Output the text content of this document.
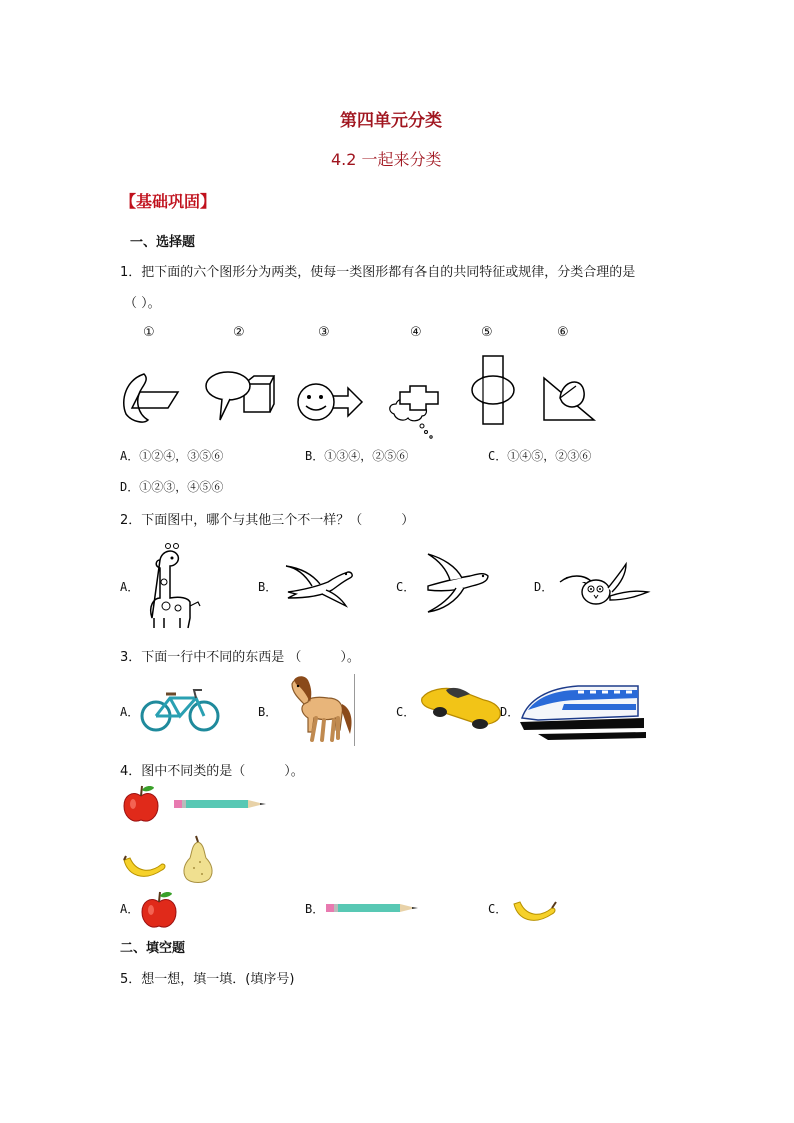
第四单元分类
4.2 一起来分类
【基础巩固】
一、选择题
1．把下面的六个图形分为两类，使每一类图形都有各自的共同特征或规律，分类合理的是
（ ）。
①	②	③	④	⑤	⑥
A．①②④，③⑤⑥	B．①③④，②⑤⑥	C．①④⑤，②③⑥
D．①②③，④⑤⑥
2．下面图中，哪个与其他三个不一样？（　　　）
A．	B．	C．	D．
3．下面一行中不同的东西是 （　　　）。
A．	B．	C．	D．
4．图中不同类的是（　　　）。
A．	B．	C．
二、填空题
5．想一想，填一填．(填序号)
